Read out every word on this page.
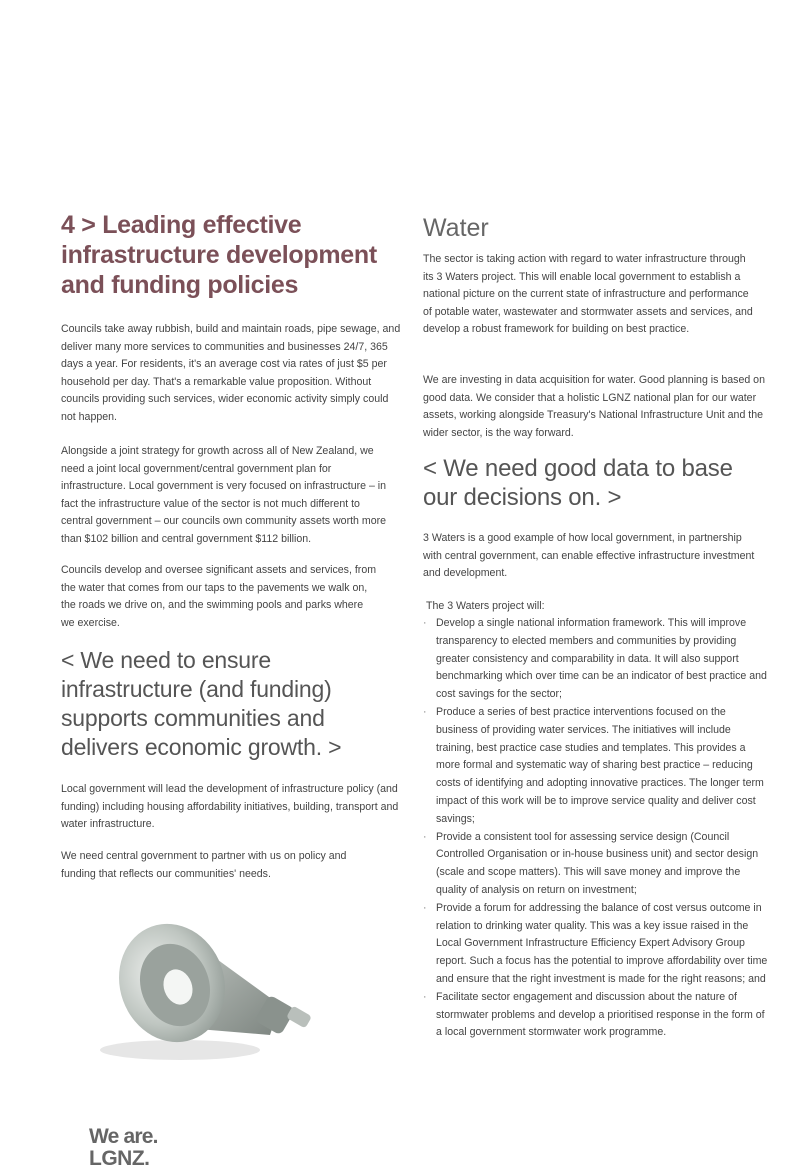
4 > Leading effective infrastructure development and funding policies

Councils take away rubbish, build and maintain roads, pipe sewage, and deliver many more services to communities and businesses 24/7, 365 days a year. For residents, it's an average cost via rates of just $5 per household per day. That's a remarkable value proposition. Without councils providing such services, wider economic activity simply could not happen.

Alongside a joint strategy for growth across all of New Zealand, we need a joint local government/central government plan for infrastructure. Local government is very focused on infrastructure – in fact the infrastructure value of the sector is not much different to central government – our councils own community assets worth more than $102 billion and central government $112 billion.

Councils develop and oversee significant assets and services, from the water that comes from our taps to the pavements we walk on, the roads we drive on, and the swimming pools and parks where we exercise.

< We need to ensure infrastructure (and funding) supports communities and delivers economic growth. >

Local government will lead the development of infrastructure policy (and funding) including housing affordability initiatives, building, transport and water infrastructure.

We need central government to partner with us on policy and funding that reflects our communities' needs.

Water

The sector is taking action with regard to water infrastructure through its 3 Waters project. This will enable local government to establish a national picture on the current state of infrastructure and performance of potable water, wastewater and stormwater assets and services, and develop a robust framework for building on best practice.

We are investing in data acquisition for water. Good planning is based on good data. We consider that a holistic LGNZ national plan for our water assets, working alongside Treasury's National Infrastructure Unit and the wider sector, is the way forward.

< We need good data to base our decisions on. >

3 Waters is a good example of how local government, in partnership with central government, can enable effective infrastructure investment and development.

The 3 Waters project will:

· Develop a single national information framework. This will improve transparency to elected members and communities by providing greater consistency and comparability in data. It will also support benchmarking which over time can be an indicator of best practice and cost savings for the sector;
· Produce a series of best practice interventions focused on the business of providing water services. The initiatives will include training, best practice case studies and templates. This provides a more formal and systematic way of sharing best practice – reducing costs of identifying and adopting innovative practices. The longer term impact of this work will be to improve service quality and deliver cost savings;
· Provide a consistent tool for assessing service design (Council Controlled Organisation or in-house business unit) and sector design (scale and scope matters). This will save money and improve the quality of analysis on return on investment;
· Provide a forum for addressing the balance of cost versus outcome in relation to drinking water quality. This was a key issue raised in the Local Government Infrastructure Efficiency Expert Advisory Group report. Such a focus has the potential to improve affordability over time and ensure that the right investment is made for the right reasons; and
· Facilitate sector engagement and discussion about the nature of stormwater problems and develop a prioritised response in the form of a local government stormwater work programme.

We are.

LGNZ.
